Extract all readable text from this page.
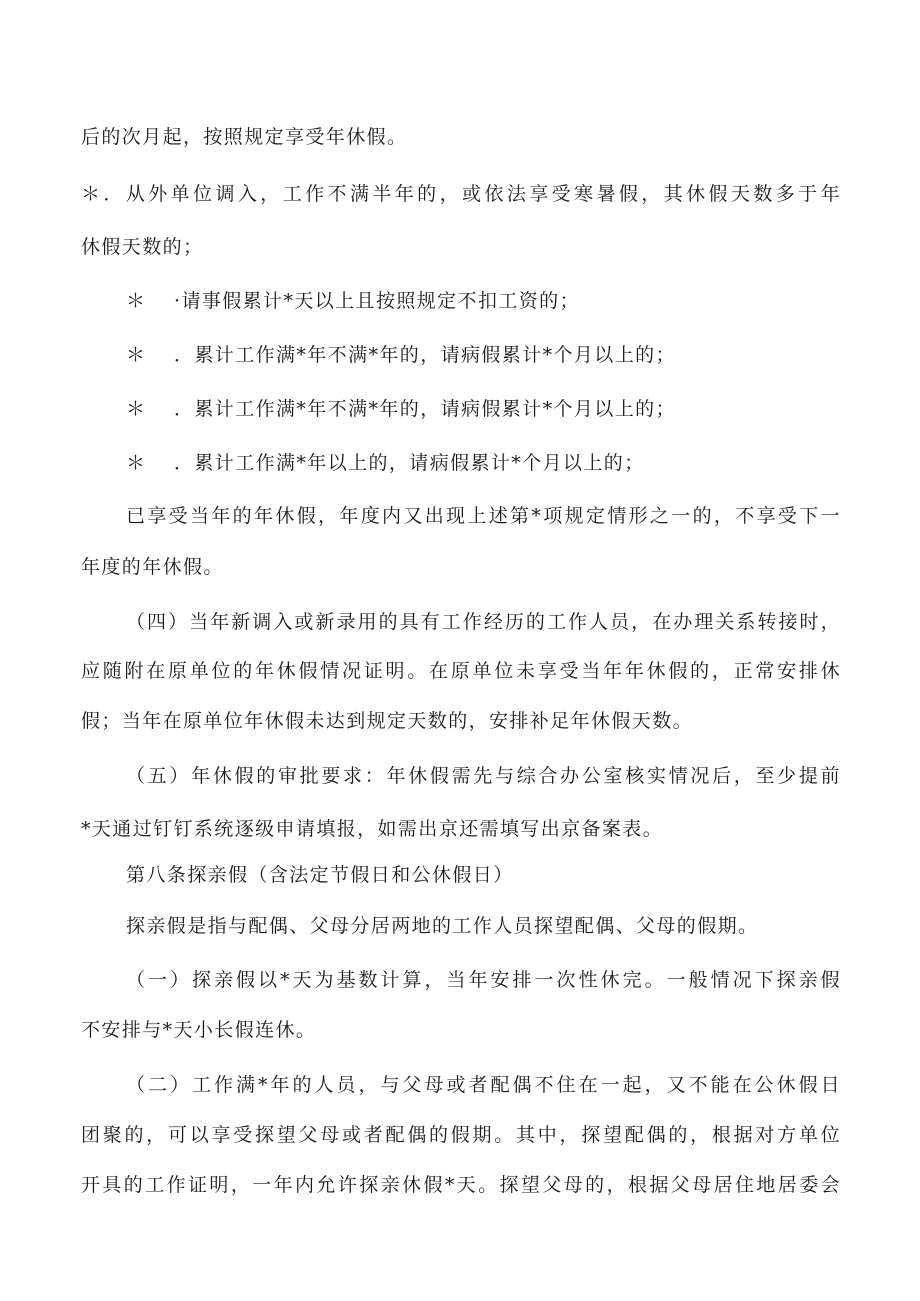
后的次月起，按照规定享受年休假。
＊．从外单位调入，工作不满半年的，或依法享受寒暑假，其休假天数多于年
休假天数的；
＊ ·请事假累计*天以上且按照规定不扣工资的；
＊ ．累计工作满*年不满*年的，请病假累计*个月以上的；
＊ ．累计工作满*年不满*年的，请病假累计*个月以上的；
＊ ．累计工作满*年以上的，请病假累计*个月以上的；
已享受当年的年休假，年度内又出现上述第*项规定情形之一的，不享受下一
年度的年休假。
（四）当年新调入或新录用的具有工作经历的工作人员，在办理关系转接时，
应随附在原单位的年休假情况证明。在原单位未享受当年年休假的，正常安排休
假；当年在原单位年休假未达到规定天数的，安排补足年休假天数。
（五）年休假的审批要求：年休假需先与综合办公室核实情况后，至少提前
*天通过钉钉系统逐级申请填报，如需出京还需填写出京备案表。
第八条探亲假（含法定节假日和公休假日）
探亲假是指与配偶、父母分居两地的工作人员探望配偶、父母的假期。
（一）探亲假以*天为基数计算，当年安排一次性休完。一般情况下探亲假
不安排与*天小长假连休。
（二）工作满*年的人员，与父母或者配偶不住在一起，又不能在公休假日
团聚的，可以享受探望父母或者配偶的假期。其中，探望配偶的，根据对方单位
开具的工作证明，一年内允许探亲休假*天。探望父母的，根据父母居住地居委会
